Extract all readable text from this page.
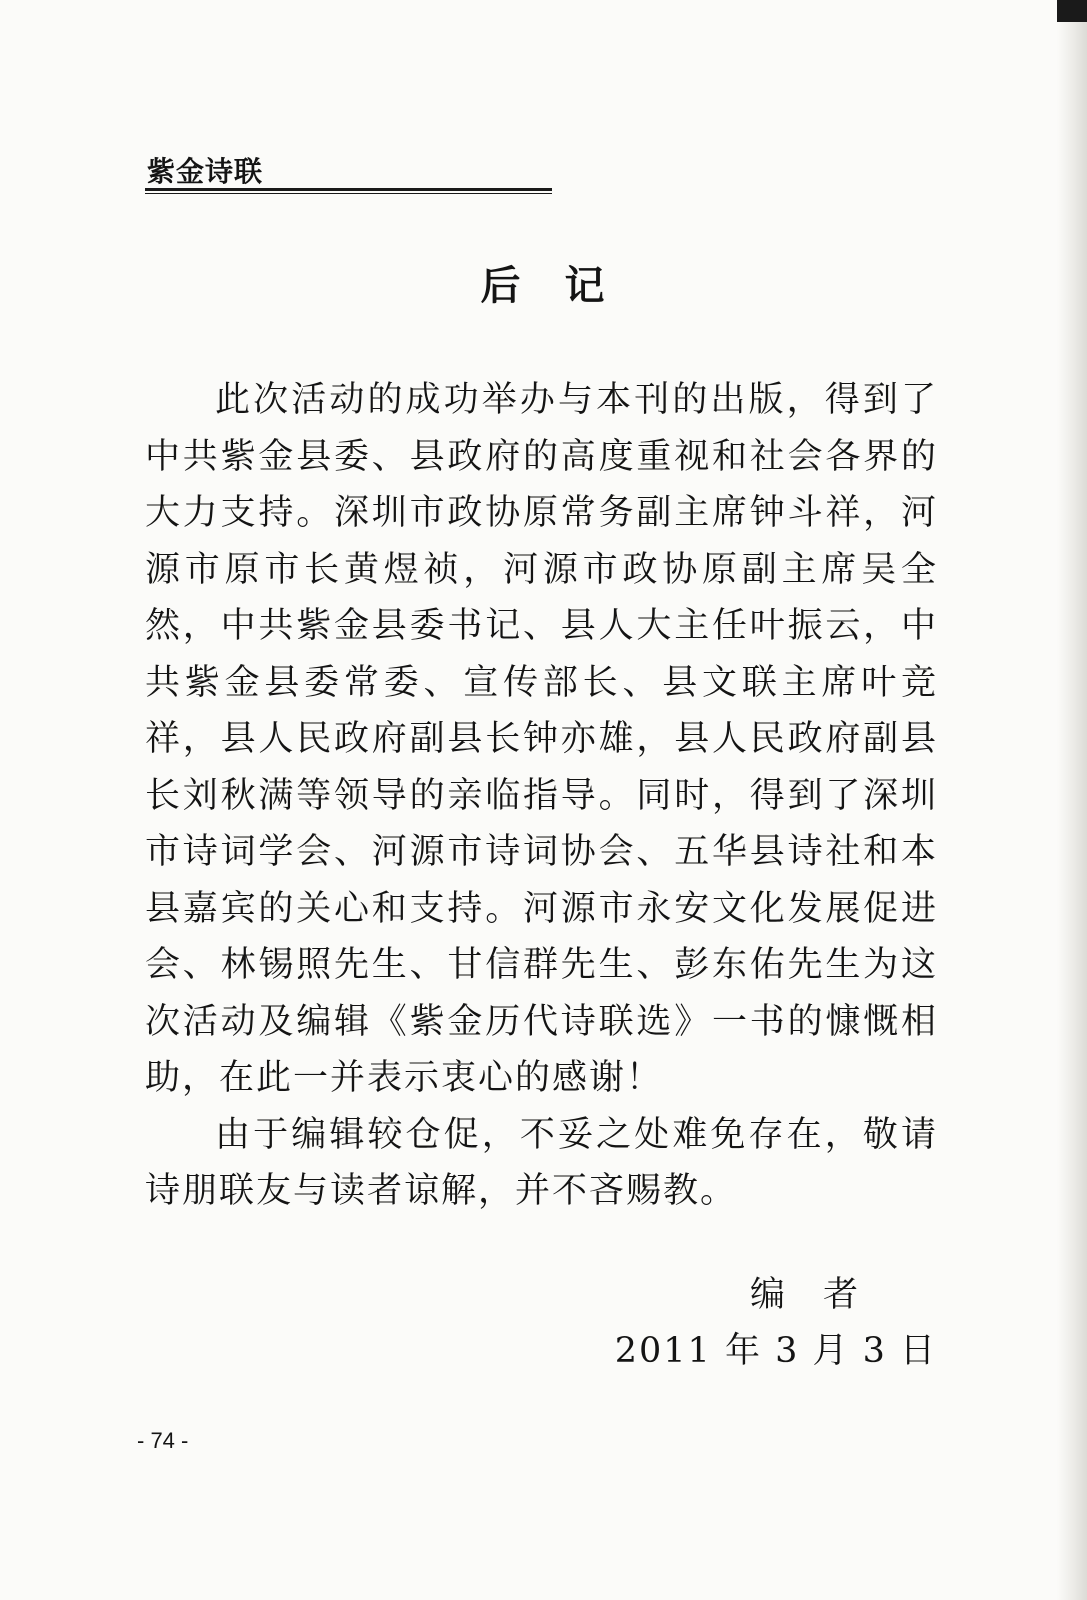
紫金诗联
后　记

此次活动的成功举办与本刊的出版，得到了中共紫金县委、县政府的高度重视和社会各界的大力支持。深圳市政协原常务副主席钟斗祥，河源市原市长黄煜祯，河源市政协原副主席吴全然，中共紫金县委书记、县人大主任叶振云，中共紫金县委常委、宣传部长、县文联主席叶竞祥，县人民政府副县长钟亦雄，县人民政府副县长刘秋满等领导的亲临指导。同时，得到了深圳市诗词学会、河源市诗词协会、五华县诗社和本县嘉宾的关心和支持。河源市永安文化发展促进会、林锡照先生、甘信群先生、彭东佑先生为这次活动及编辑《紫金历代诗联选》一书的慷慨相助，在此一并表示衷心的感谢！

由于编辑较仓促，不妥之处难免存在，敬请诗朋联友与读者谅解，并不吝赐教。

编 者
2011 年 3 月 3 日
- 74 -
